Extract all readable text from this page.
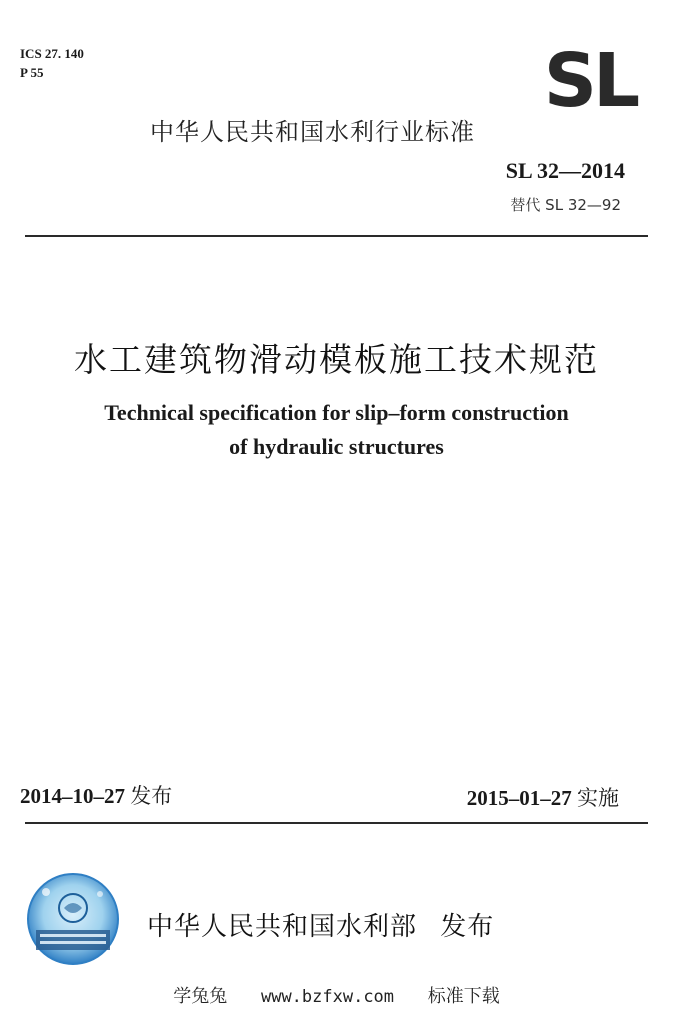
ICS 27. 140
P 55	SL
中华人民共和国水利行业标准
SL 32—2014
替代 SL 32—92
水工建筑物滑动模板施工技术规范
Technical specification for slip–form construction
of hydraulic structures
2014–10–27 发布	2015–01–27 实施
中华人民共和国水利部 发布
学兔兔 www.bzfxw.com 标准下载
